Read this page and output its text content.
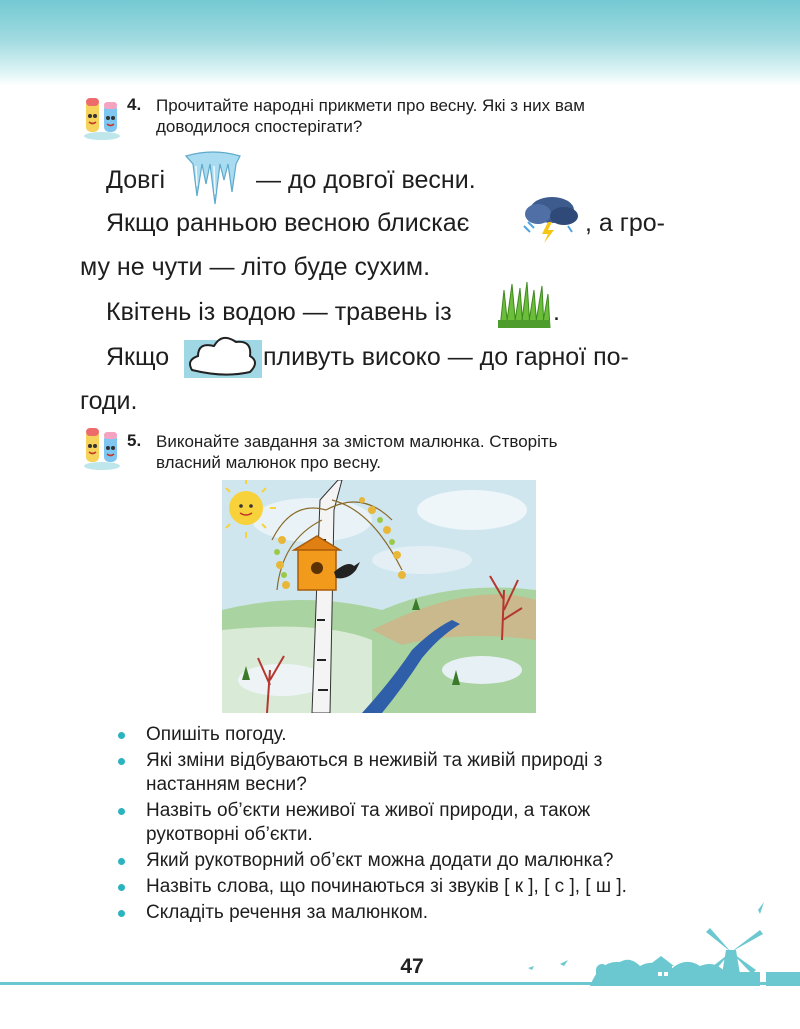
4. Прочитайте народні прикмети про весну. Які з них вам
доводилося спостерігати?
Довгі	— до довгої весни.
Якщо ранньою весною блискає	, а гро-
му не чути — літо буде сухим.
Квітень із водою — травень із	.
Якщо	пливуть високо — до гарної по-
годи.
5. Виконайте завдання за змістом малюнка. Створіть
власний малюнок про весну.
Опишіть погоду.
Які зміни відбуваються в неживій та живій природі з
настанням весни?
Назвіть об’єкти неживої та живої природи, а також
рукотворні об’єкти.
Який рукотворний об’єкт можна додати до малюнка?
Назвіть слова, що починаються зі звуків [ к ], [ с ], [ ш ].
Складіть речення за малюнком.
47
